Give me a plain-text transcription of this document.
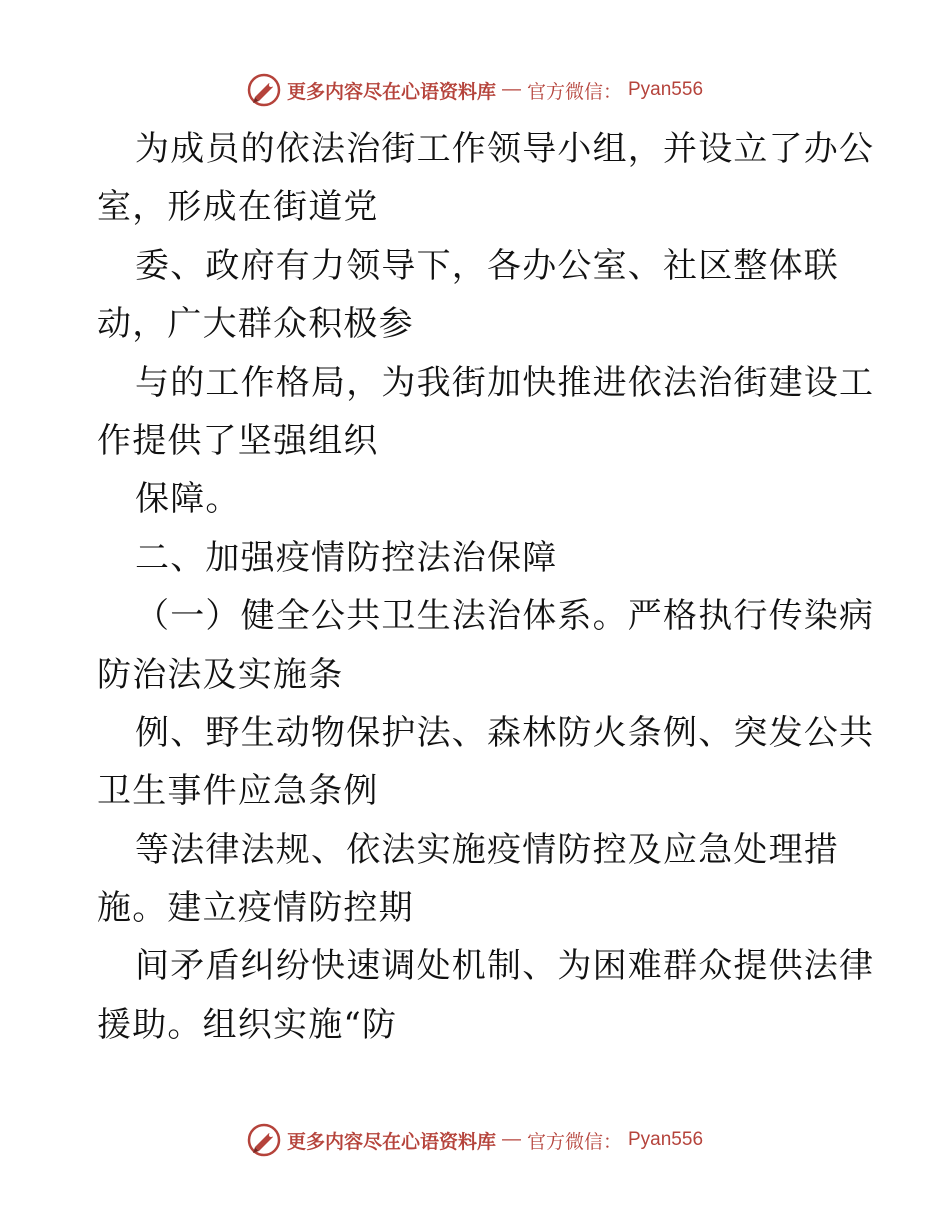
更多内容尽在心语资料库 — 官方微信： Pyan556
为成员的依法治街工作领导小组，并设立了办公
室，形成在街道党
委、政府有力领导下，各办公室、社区整体联
动，广大群众积极参
与的工作格局，为我街加快推进依法治街建设工
作提供了坚强组织
保障。
二、加强疫情防控法治保障
（一）健全公共卫生法治体系。严格执行传染病
防治法及实施条
例、野生动物保护法、森林防火条例、突发公共
卫生事件应急条例
等法律法规、依法实施疫情防控及应急处理措
施。建立疫情防控期
间矛盾纠纷快速调处机制、为困难群众提供法律
援助。组织实施“防
更多内容尽在心语资料库 — 官方微信： Pyan556
